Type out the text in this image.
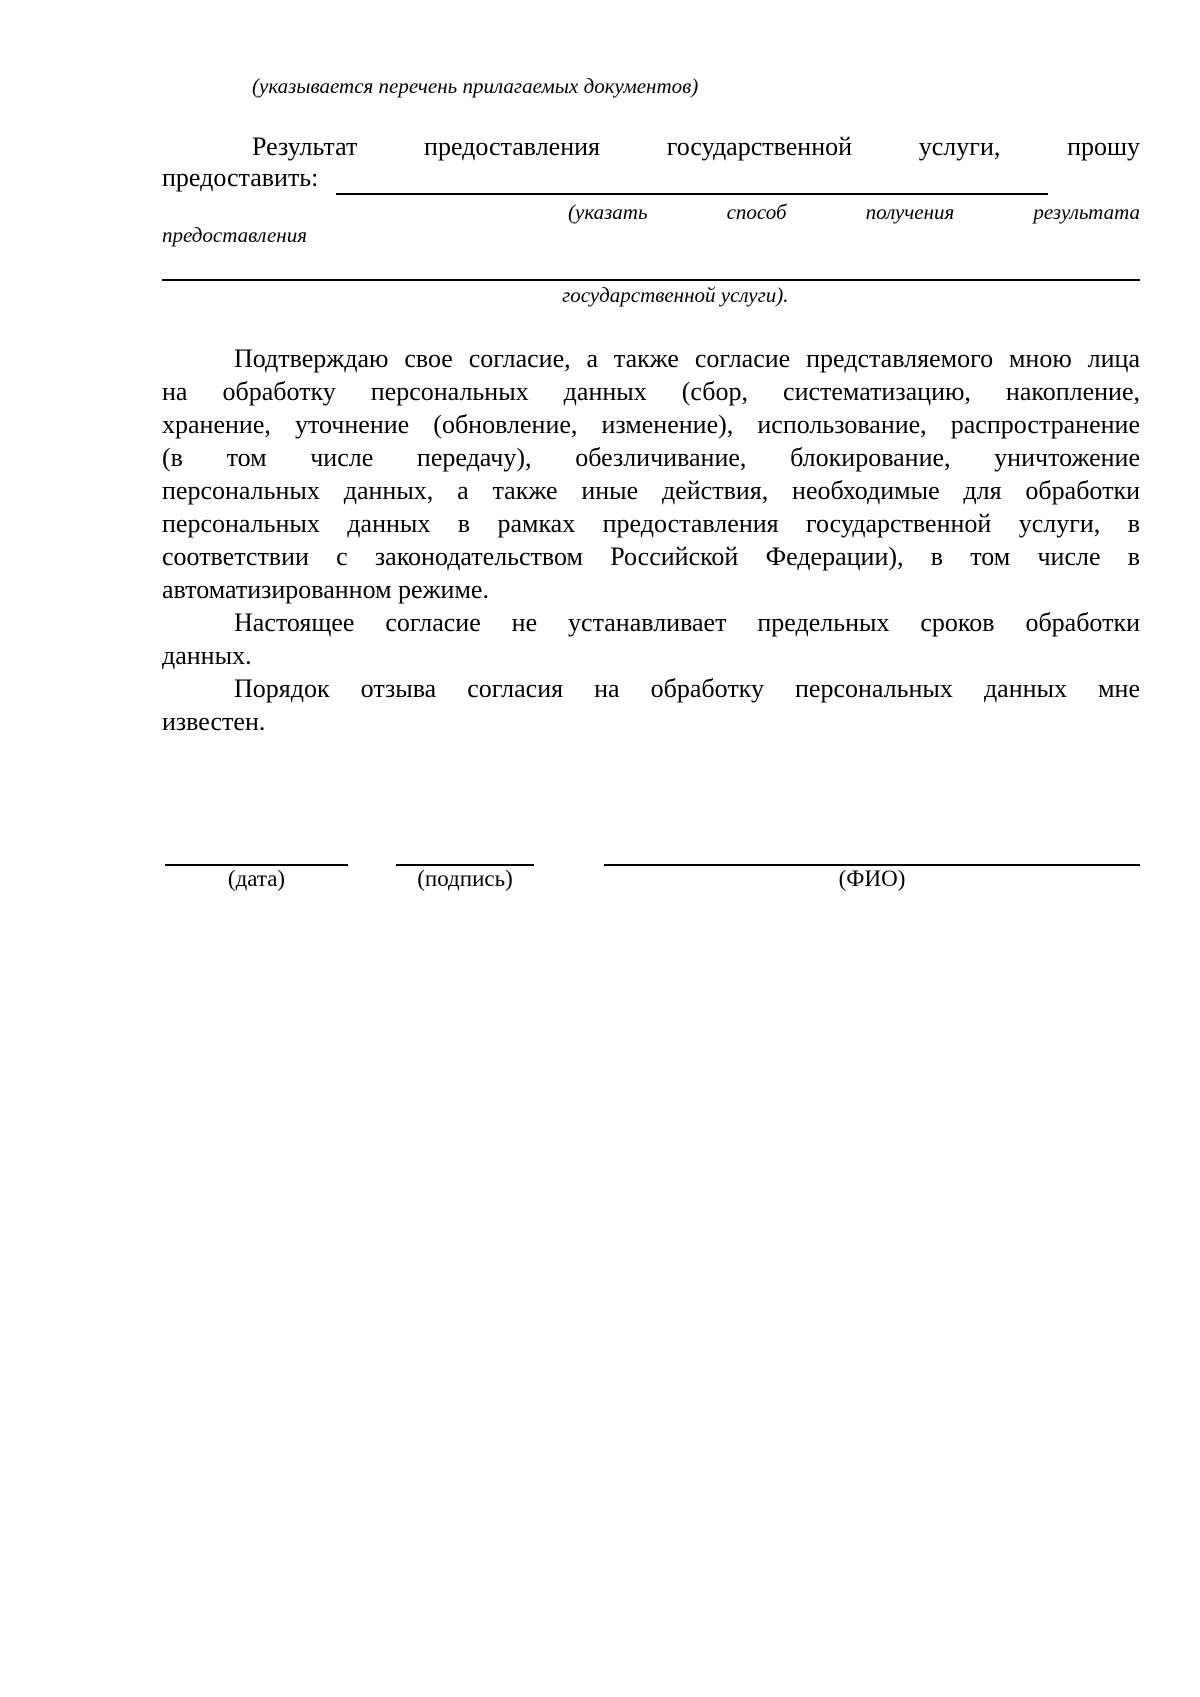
(указывается перечень прилагаемых документов)
Результат	предоставления	государственной	услуги,	прошу
предоставить:
(указать	способ	получения	результата
предоставления
государственной услуги).
Подтверждаю свое согласие, а также согласие представляемого мною лица
на обработку персональных данных (сбор, систематизацию, накопление,
хранение, уточнение (обновление, изменение), использование, распространение
(в том числе передачу), обезличивание, блокирование, уничтожение
персональных данных, а также иные действия, необходимые для обработки
персональных данных в рамках предоставления государственной услуги, в
соответствии с законодательством Российской Федерации), в том числе в
автоматизированном режиме.
Настоящее согласие не устанавливает предельных сроков обработки
данных.
Порядок отзыва согласия на обработку персональных данных мне
известен.
(дата)	(подпись)	(ФИО)
